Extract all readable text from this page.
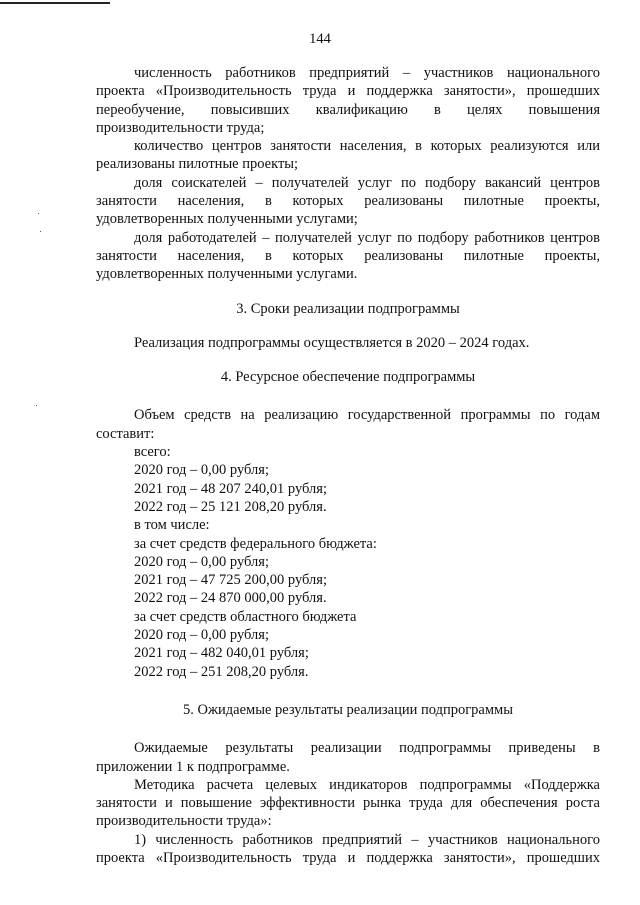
144

численность работников предприятий – участников национального проекта «Производительность труда и поддержка занятости», прошедших переобучение, повысивших квалификацию в целях повышения производительности труда;

количество центров занятости населения, в которых реализуются или реализованы пилотные проекты;

доля соискателей – получателей услуг по подбору вакансий центров занятости населения, в которых реализованы пилотные проекты, удовлетворенных полученными услугами;

доля работодателей – получателей услуг по подбору работников центров занятости населения, в которых реализованы пилотные проекты, удовлетворенных полученными услугами.

3. Сроки реализации подпрограммы

Реализация подпрограммы осуществляется в 2020 – 2024 годах.

4. Ресурсное обеспечение подпрограммы

Объем средств на реализацию государственной программы по годам составит:

всего:

2020 год – 0,00 рубля;

2021 год – 48 207 240,01 рубля;

2022 год – 25 121 208,20 рубля.

в том числе:

за счет средств федерального бюджета:

2020 год – 0,00 рубля;

2021 год – 47 725 200,00 рубля;

2022 год – 24 870 000,00 рубля.

за счет средств областного бюджета

2020 год – 0,00 рубля;

2021 год – 482 040,01 рубля;

2022 год – 251 208,20 рубля.

5. Ожидаемые результаты реализации подпрограммы

Ожидаемые результаты реализации подпрограммы приведены в приложении 1 к подпрограмме.

Методика расчета целевых индикаторов подпрограммы «Поддержка занятости и повышение эффективности рынка труда для обеспечения роста производительности труда»:

1) численность работников предприятий – участников национального проекта «Производительность труда и поддержка занятости», прошедших
